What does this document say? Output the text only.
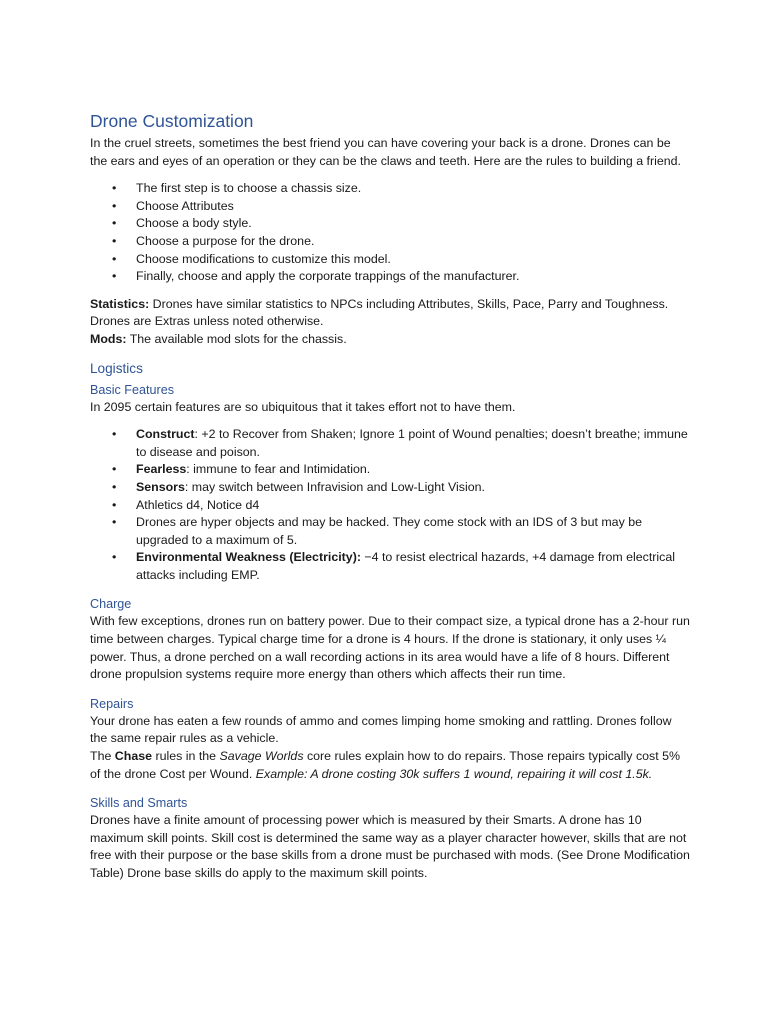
Drone Customization

In the cruel streets, sometimes the best friend you can have covering your back is a drone. Drones can be the ears and eyes of an operation or they can be the claws and teeth. Here are the rules to building a friend.

• The first step is to choose a chassis size.
• Choose Attributes
• Choose a body style.
• Choose a purpose for the drone.
• Choose modifications to customize this model.
• Finally, choose and apply the corporate trappings of the manufacturer.

Statistics: Drones have similar statistics to NPCs including Attributes, Skills, Pace, Parry and Toughness. Drones are Extras unless noted otherwise.

Mods: The available mod slots for the chassis.

Logistics
Basic Features

In 2095 certain features are so ubiquitous that it takes effort not to have them.

• Construct: +2 to Recover from Shaken; Ignore 1 point of Wound penalties; doesn’t breathe; immune to disease and poison.
• Fearless: immune to fear and Intimidation.
• Sensors: may switch between Infravision and Low-Light Vision.
• Athletics d4, Notice d4
• Drones are hyper objects and may be hacked. They come stock with an IDS of 3 but may be upgraded to a maximum of 5.
• Environmental Weakness (Electricity): −4 to resist electrical hazards, +4 damage from electrical attacks including EMP.
Charge

With few exceptions, drones run on battery power. Due to their compact size, a typical drone has a 2-hour run time between charges. Typical charge time for a drone is 4 hours. If the drone is stationary, it only uses ¼ power. Thus, a drone perched on a wall recording actions in its area would have a life of 8 hours. Different drone propulsion systems require more energy than others which affects their run time.

Repairs

Your drone has eaten a few rounds of ammo and comes limping home smoking and rattling. Drones follow the same repair rules as a vehicle.

The Chase rules in the Savage Worlds core rules explain how to do repairs. Those repairs typically cost 5% of the drone Cost per Wound. Example: A drone costing 30k suffers 1 wound, repairing it will cost 1.5k.

Skills and Smarts

Drones have a finite amount of processing power which is measured by their Smarts. A drone has 10 maximum skill points. Skill cost is determined the same way as a player character however, skills that are not free with their purpose or the base skills from a drone must be purchased with mods. (See Drone Modification Table) Drone base skills do apply to the maximum skill points.
